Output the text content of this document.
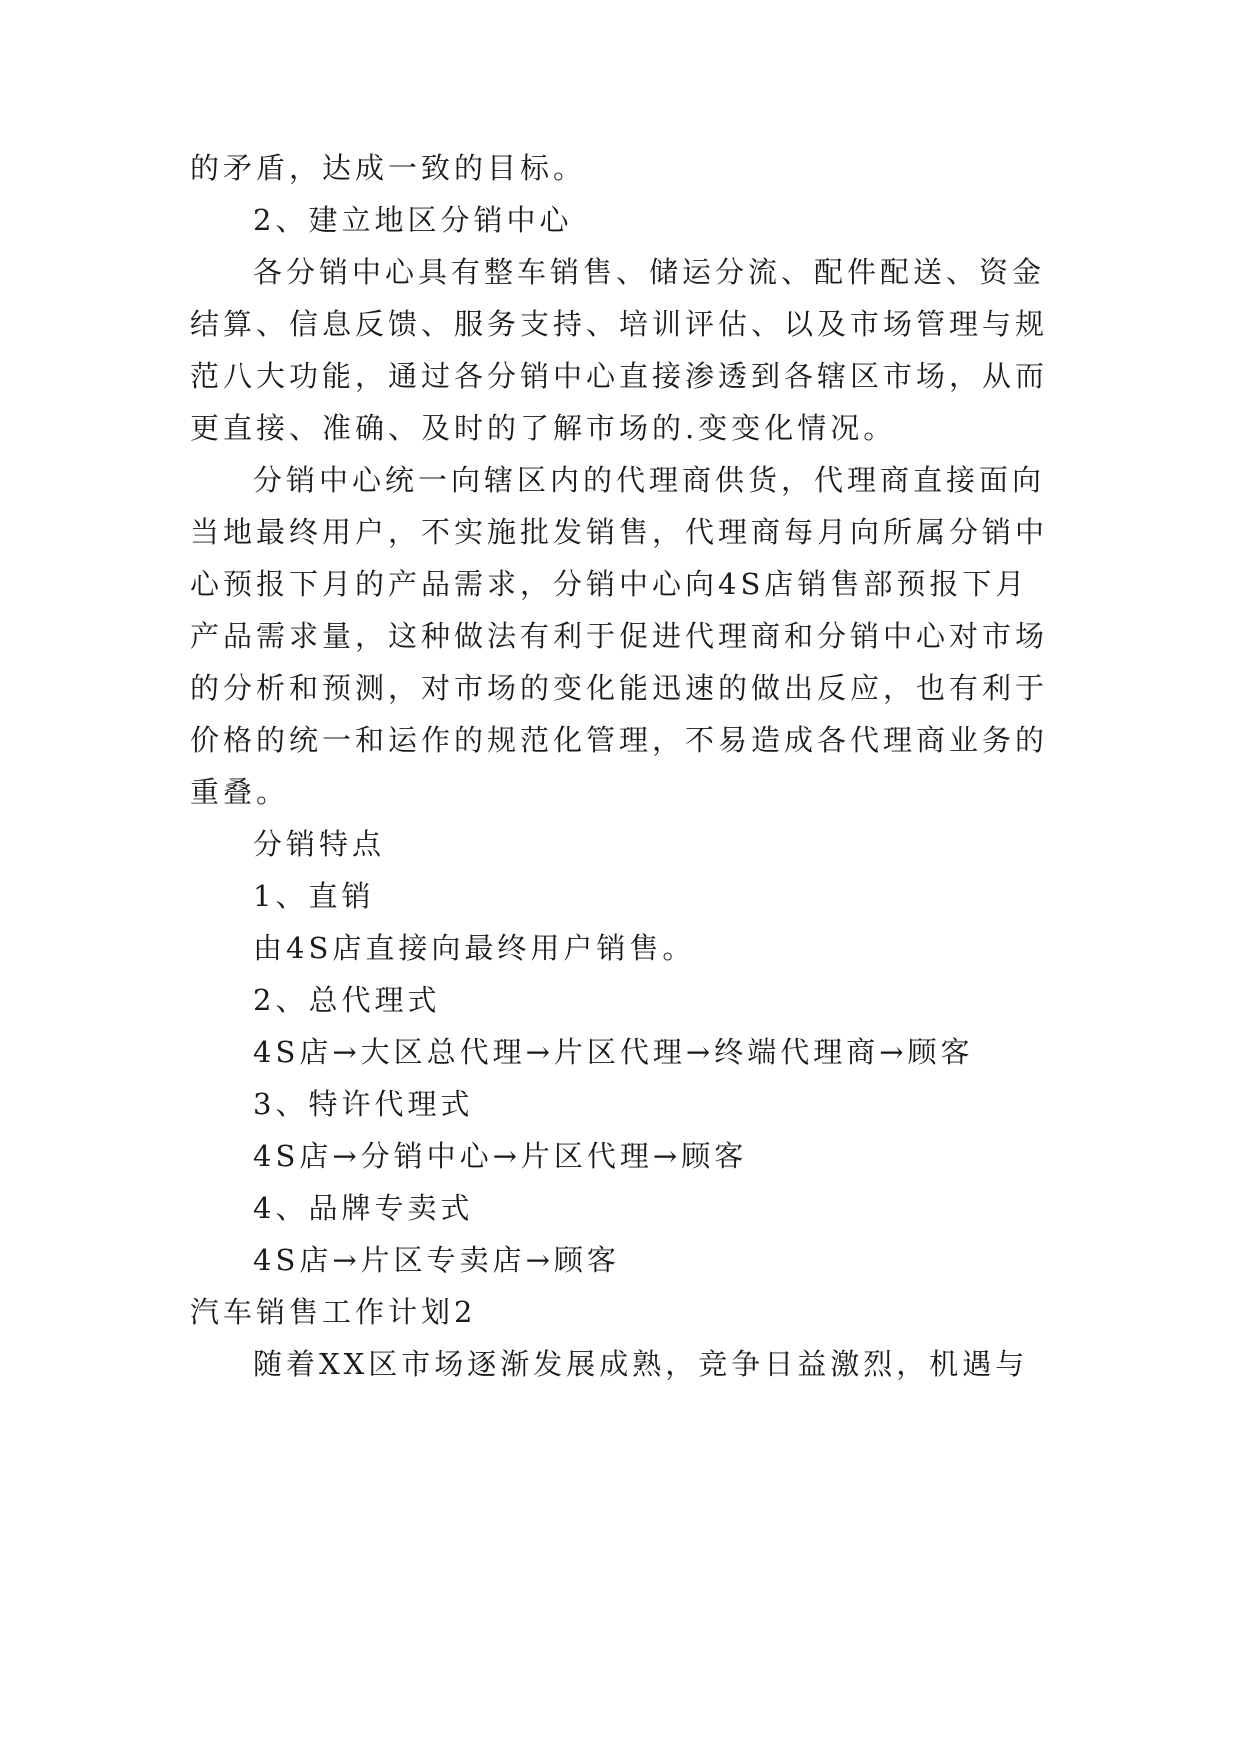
的矛盾，达成一致的目标。
2、建立地区分销中心
各分销中心具有整车销售、储运分流、配件配送、资金
结算、信息反馈、服务支持、培训评估、以及市场管理与规
范八大功能，通过各分销中心直接渗透到各辖区市场，从而
更直接、准确、及时的了解市场的.变变化情况。
分销中心统一向辖区内的代理商供货，代理商直接面向
当地最终用户，不实施批发销售，代理商每月向所属分销中
心预报下月的产品需求，分销中心向4S店销售部预报下月
产品需求量，这种做法有利于促进代理商和分销中心对市场
的分析和预测，对市场的变化能迅速的做出反应，也有利于
价格的统一和运作的规范化管理，不易造成各代理商业务的
重叠。
分销特点
1、直销
由4S店直接向最终用户销售。
2、总代理式
4S店→大区总代理→片区代理→终端代理商→顾客
3、特许代理式
4S店→分销中心→片区代理→顾客
4、品牌专卖式
4S店→片区专卖店→顾客
汽车销售工作计划2
随着XX区市场逐渐发展成熟，竞争日益激烈，机遇与
